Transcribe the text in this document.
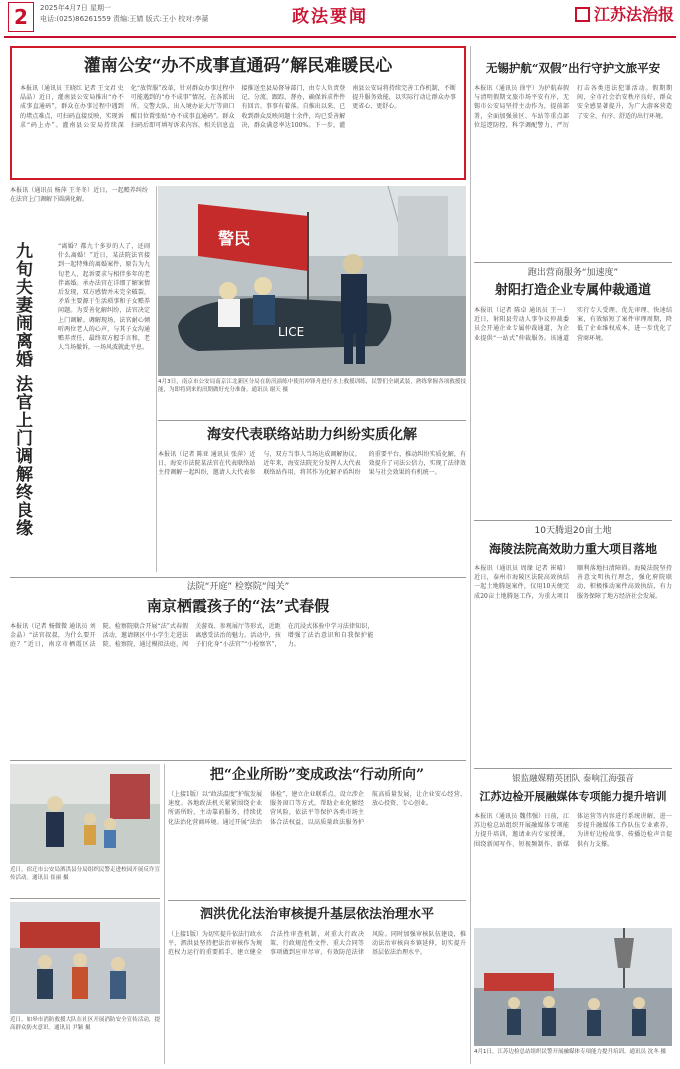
2	2025年4月7日 星期一
电话:(025)86261559 责编:王婧 版式:王小 校对:李蔷	政法要闻	江苏法治报
灌南公安“办不成事直通码”解民难暖民心
本报讯（通讯员 王晓红 记者 王文君 史晶晶）近日，灌南县公安局推出“办不成事直通码”，群众在办事过程中遇到的堵点难点，可扫码直接反映，实现诉求“码上办”。灌南县公安局持续深化“放管服”改革，针对群众办事过程中可能遇到的“办不成事”情况，在各派出所、交警大队、出入境办证大厅等窗口醒目位置张贴“办不成事直通码”。群众扫码后即可填写诉求内容，相关信息直接推送至县局督导部门，由专人负责登记、分流、跟踪、督办，确保诉求件件有回音、事事有着落。自推出以来，已收到群众反映问题十余件，均已妥善解决，群众满意率达100%。下一步，灌南县公安局将持续完善工作机制，不断提升服务效能，以实际行动让群众办事更省心、更舒心。
本报讯（通讯员 杨萍 王冬冬）近日，一起赡养纠纷在法官上门调解下圆满化解。
九旬夫妻闹离婚 法官上门调解终良缘	“离婚？都九十多岁的人了，还闹什么离婚！”近日，某法院法官接到一起特殊的离婚案件，原告为九旬老人，起诉要求与相伴多年的老伴离婚。承办法官在详细了解案情后发现，双方感情并未完全破裂，矛盾主要源于生活琐事和子女赡养问题。为妥善化解纠纷，法官决定上门调解。调解现场，法官耐心倾听两位老人的心声，与其子女沟通赡养责任，最终双方握手言和，老人当场撤诉，一场风波就此平息。
警民
LICE
4月3日，南京市公安局南京江北新区分局在防汛演练中使用冲锋舟进行水上救援训练，民警们全副武装，熟练掌握各项救援技能，为即将到来的汛期做好充分准备。通讯员 谢天 摄
海安代表联络站助力纠纷实质化解
本报讯（记者 陈亚 通讯员 张萍）近日，海安市法院某法官在代表联络站主持调解一起纠纷，邀请人大代表参与，双方当事人当场达成调解协议。近年来，海安法院充分发挥人大代表联络站作用，将其作为化解矛盾纠纷的重要平台，推动纠纷实质化解，有效提升了司法公信力，实现了法律效果与社会效果的有机统一。
法院“开庭” 检察院“闯关”
南京栖霞孩子的“法”式春假
本报讯（记者 杨微微 通讯员 刘金晶）“法官叔叔，为什么要开庭？”近日，南京市栖霞区法院、检察院联合开展“法”式春假活动，邀请辖区中小学生走进法院、检察院，通过模拟法庭、闯关游戏、参观展厅等形式，近距离感受法治的魅力。活动中，孩子们化身“小法官”“小检察官”，在沉浸式体验中学习法律知识，增强了法治意识和自我保护能力。
近日，宿迁市公安局泗洪县分局组织民警走进校园开展反诈宣传活动。通讯员 崔丽 摄
把“企业所盼”变成政法“行动所向”
（上接1版）以“政法温度”护航发展速度。各地政法机关紧紧围绕企业所需所盼，主动靠前服务，持续优化法治化营商环境。通过开展“法治体检”、建立企业联系点、设立涉企服务窗口等方式，帮助企业化解经营风险，依法平等保护各类市场主体合法权益，以高质量政法服务护航高质量发展，让企业安心经营、放心投资、专心创业。
近日，如皋市消防救援大队在社区开展消防安全宣传活动，提高群众防火意识。通讯员 尹颖 摄
泗洪优化法治审核提升基层依法治理水平
（上接1版）为切实提升依法行政水平，泗洪县坚持把法治审核作为规范权力运行的重要抓手，建立健全合法性审查机制，对重大行政决策、行政规范性文件、重大合同等事项做到应审尽审，有效防范法律风险。同时加强审核队伍建设，推动法治审核向乡镇延伸，切实提升基层依法治理水平。
无锡护航“双假”出行守护文旅平安
本报讯（通讯员 徐宇）为护航春假与清明假期文旅市场平安有序，无锡市公安局坚持主动作为，提前部署，全面加强景区、车站等重点部位巡逻防控，科学调配警力，严厉打击各类违法犯罪活动。假期期间，全市社会治安秩序良好，群众安全感显著提升，为广大游客营造了安全、有序、舒适的出行环境。
跑出营商服务“加速度”
射阳打造企业专属仲裁通道
本报讯（记者 陈卓 通讯员 王一）近日，射阳县劳动人事争议仲裁委员会开通企业专属仲裁通道，为企业提供“一站式”仲裁服务。该通道实行专人受理、优先审理、快速结案，有效缩短了案件审理周期，降低了企业维权成本，进一步优化了营商环境。
10天腾退20亩土地
海陵法院高效助力重大项目落地
本报讯（通讯员 周缘 记者 崔晴）近日，泰州市海陵区法院高效执结一起土地腾退案件，仅用10天便完成20亩土地腾退工作，为重大项目顺利落地扫清障碍。海陵法院坚持善意文明执行理念，强化府院联动，积极推动案件高效执结，有力服务保障了地方经济社会发展。
银监融媒精英团队 泰响江海强音
江苏边检开展融媒体专项能力提升培训
本报讯（通讯员 魏伟强）日前，江苏边检总站组织开展融媒体专项能力提升培训，邀请业内专家授课，围绕新闻写作、短视频制作、新媒体运营等内容进行系统讲解，进一步提升融媒体工作队伍专业素养，为讲好边检故事、传播边检声音提供有力支撑。
4月1日，江苏边检总站组织民警开展融媒体专项能力提升培训。通讯员 沈冬 摄
